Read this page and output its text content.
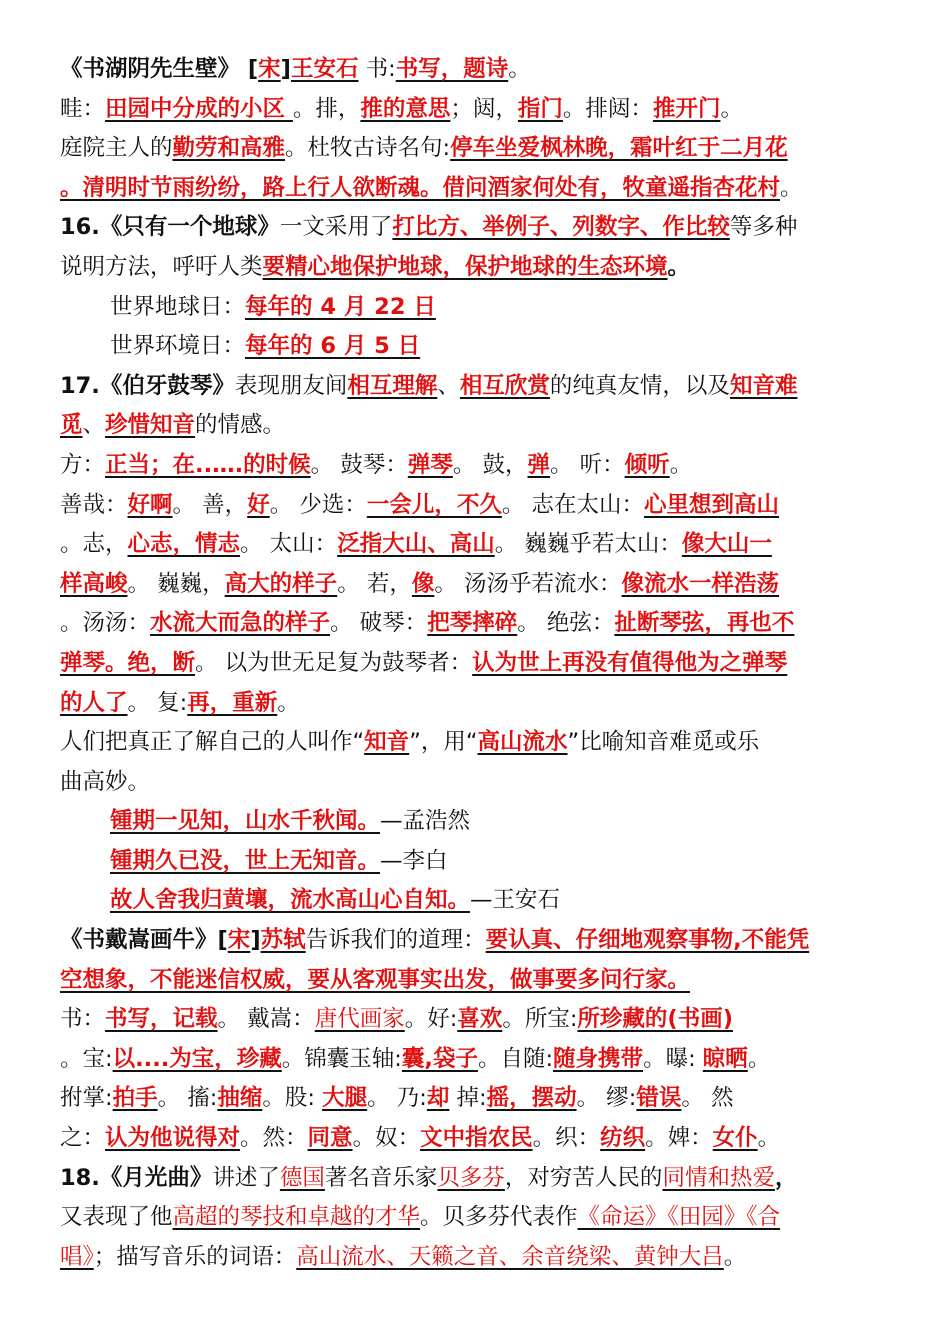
《书湖阴先生壁》 [宋]王安石 书:书写，题诗。
畦：田园中分成的小区 。排，推的意思；闼，指门。排闼：推开门。
庭院主人的勤劳和高雅。杜牧古诗名句:停车坐爱枫林晚，霜叶红于二月花
。清明时节雨纷纷，路上行人欲断魂。借问酒家何处有，牧童遥指杏花村。
16.《只有一个地球》一文采用了打比方、举例子、列数字、作比较等多种
说明方法，呼吁人类要精心地保护地球，保护地球的生态环境。
世界地球日：每年的 4 月 22 日
世界环境日：每年的 6 月 5 日
17.《伯牙鼓琴》表现朋友间相互理解、相互欣赏的纯真友情，以及知音难
觅、珍惜知音的情感。
方：正当；在..….的时候。 鼓琴：弹琴。 鼓，弹。 听：倾听。
善哉：好啊。 善，好。 少选：一会儿，不久。 志在太山：心里想到高山
。志，心志，情志。 太山：泛指大山、高山。 巍巍乎若太山：像大山一
样高峻。 巍巍，高大的样子。 若，像。 汤汤乎若流水：像流水一样浩荡
。汤汤：水流大而急的样子。 破琴：把琴摔碎。 绝弦：扯断琴弦，再也不
弹琴。绝，断。 以为世无足复为鼓琴者：认为世上再没有值得他为之弹琴
的人了。 复:再，重新。
人们把真正了解自己的人叫作“知音”，用“高山流水”比喻知音难觅或乐
曲高妙。
锺期一见知，山水千秋闻。—孟浩然
锺期久已没，世上无知音。—李白
故人舍我归黄壤，流水高山心自知。—王安石
《书戴嵩画牛》[宋]苏轼告诉我们的道理：要认真、仔细地观察事物,不能凭
空想象，不能迷信权威，要从客观事实出发，做事要多问行家。
书：书写，记载。 戴嵩：唐代画家。好:喜欢。所宝:所珍藏的(书画)
。宝:以....为宝，珍藏。锦囊玉轴:囊,袋子。自随:随身携带。曝: 晾晒。
拊掌:拍手。 搐:抽缩。股: 大腿。 乃:却 掉:摇，摆动。 缪:错误。 然
之：认为他说得对。然：同意。奴：文中指农民。织：纺织。婢：女仆。
18.《月光曲》讲述了德国著名音乐家贝多芬，对穷苦人民的同情和热爱，
又表现了他高超的琴技和卓越的才华。贝多芬代表作《命运》《田园》《合
唱》；描写音乐的词语：高山流水、天籁之音、余音绕梁、黄钟大吕。
